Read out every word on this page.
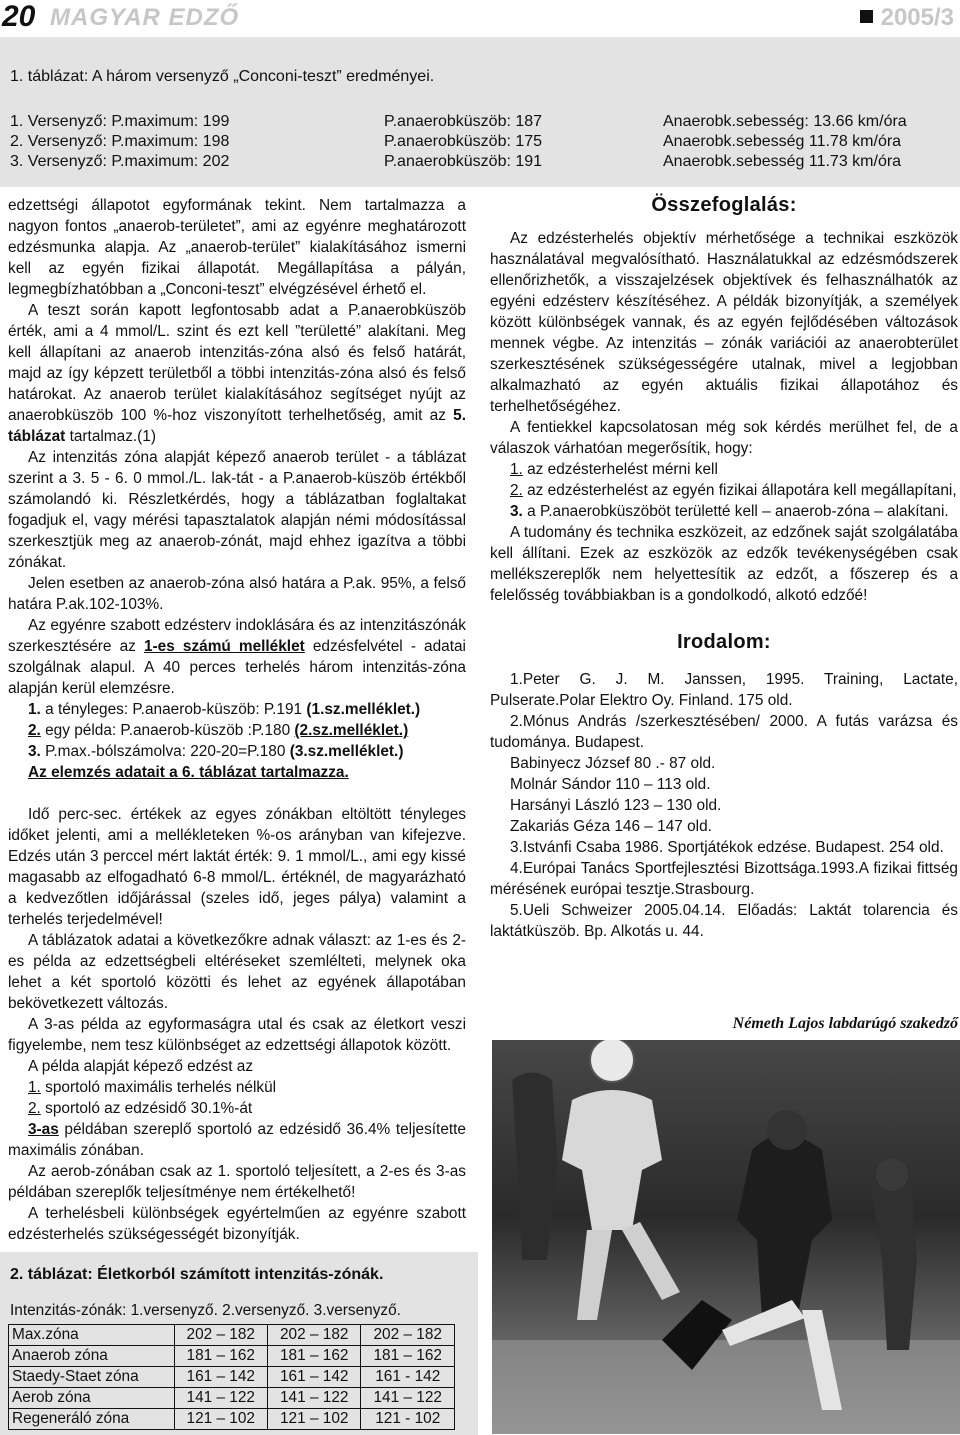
20 MAGYAR EDZŐ	2005/3
1. táblázat: A három versenyző „Conconi-teszt” eredményei.
1. Versenyző: P.maximum: 199	P.anaerobküszöb: 187	Anaerobk.sebesség: 13.66 km/óra
2. Versenyző: P.maximum: 198	P.anaerobküszöb: 175	Anaerobk.sebesség 11.78 km/óra
3. Versenyző: P.maximum: 202	P.anaerobküszöb: 191	Anaerobk.sebesség 11.73 km/óra

edzettségi állapotot egyformának tekint. Nem tartalmazza a nagyon fontos „anaerob-területet”, ami az egyénre meghatározott edzésmunka alapja. Az „anaerob-terület” kialakításához ismerni kell az egyén fizikai állapotát. Megállapítása a pályán, legmegbízhatóbban a „Conconi-teszt” elvégzésével érhető el.

A teszt során kapott legfontosabb adat a P.anaerobküszöb érték, ami a 4 mmol/L. szint és ezt kell ”területté” alakítani. Meg kell állapítani az anaerob intenzitás-zóna alsó és felső határát, majd az így képzett területből a többi intenzitás-zóna alsó és felső határokat. Az anaerob terület kialakításához segítséget nyújt az anaerobküszöb 100 %-hoz viszonyított terhelhetőség, amit az 5. táblázat tartalmaz.(1)

Az intenzitás zóna alapját képező anaerob terület - a táblázat szerint a 3. 5 - 6. 0 mmol./L. lak-tát - a P.anaerob-küszöb értékből számolandó ki. Részletkérdés, hogy a táblázatban foglaltakat fogadjuk el, vagy mérési tapasztalatok alapján némi módosítással szerkesztjük meg az anaerob-zónát, majd ehhez igazítva a többi zónákat.

Jelen esetben az anaerob-zóna alsó határa a P.ak. 95%, a felső határa P.ak.102-103%.

Az egyénre szabott edzésterv indoklására és az intenzitászónák szerkesztésére az 1-es számú melléklet edzésfelvétel - adatai szolgálnak alapul. A 40 perces terhelés három intenzitás-zóna alapján kerül elemzésre.

1. a tényleges: P.anaerob-küszöb: P.191 (1.sz.melléklet.)

2. egy példa: P.anaerob-küszöb :P.180 (2.sz.melléklet.)

3. P.max.-bólszámolva: 220-20=P.180 (3.sz.melléklet.)

Az elemzés adatait a 6. táblázat tartalmazza.

Idő perc-sec. értékek az egyes zónákban eltöltött tényleges időket jelenti, ami a mellékleteken %-os arányban van kifejezve. Edzés után 3 perccel mért laktát érték: 9. 1 mmol/L., ami egy kissé magasabb az elfogadható 6-8 mmol/L. értéknél, de magyarázható a kedvezőtlen időjárással (szeles idő, jeges pálya) valamint a terhelés terjedelmével!

A táblázatok adatai a következőkre adnak választ: az 1-es és 2-es példa az edzettségbeli eltéréseket szemlélteti, melynek oka lehet a két sportoló közötti és lehet az egyének állapotában bekövetkezett változás.

A 3-as példa az egyformaságra utal és csak az életkort veszi figyelembe, nem tesz különbséget az edzettségi állapotok között.

A példa alapját képező edzést az

1. sportoló maximális terhelés nélkül

2. sportoló az edzésidő 30.1%-át

3-as példában szereplő sportoló az edzésidő 36.4% teljesítette maximális zónában.

Az aerob-zónában csak az 1. sportoló teljesített, a 2-es és 3-as példában szereplők teljesítménye nem értékelhető!

A terhelésbeli különbségek egyértelműen az egyénre szabott edzésterhelés szükségességét bizonyítják.

Összefoglalás:

Az edzésterhelés objektív mérhetősége a technikai eszközök használatával megvalósítható. Használatukkal az edzésmódszerek ellenőrizhetők, a visszajelzések objektívek és felhasználhatók az egyéni edzésterv készítéséhez. A példák bizonyítják, a személyek között különbségek vannak, és az egyén fejlődésében változások mennek végbe. Az intenzitás – zónák variációi az anaerobterület szerkesztésének szükségességére utalnak, mivel a legjobban alkalmazható az egyén aktuális fizikai állapotához és terhelhetőségéhez.

A fentiekkel kapcsolatosan még sok kérdés merülhet fel, de a válaszok várhatóan megerősítik, hogy:

1. az edzésterhelést mérni kell

2. az edzésterhelést az egyén fizikai állapotára kell megállapítani,

3. a P.anaerobküszöböt területté kell – anaerob-zóna – alakítani.

A tudomány és technika eszközeit, az edzőnek saját szolgálatába kell állítani. Ezek az eszközök az edzők tevékenységében csak mellékszereplők nem helyettesítik az edzőt, a főszerep és a felelősség továbbiakban is a gondolkodó, alkotó edzőé!

Irodalom:

1.Peter G. J. M. Janssen, 1995. Training, Lactate, Pulserate.Polar Elektro Oy. Finland. 175 old.

2.Mónus András /szerkesztésében/ 2000. A futás varázsa és tudománya. Budapest.

Babinyecz József 80 .- 87 old.

Molnár Sándor 110 – 113 old.

Harsányi László 123 – 130 old.

Zakariás Géza 146 – 147 old.

3.Istvánfi Csaba 1986. Sportjátékok edzése. Budapest. 254 old.

4.Európai Tanács Sportfejlesztési Bizottsága.1993.A fizikai fittség mérésének európai tesztje.Strasbourg.

5.Ueli Schweizer 2005.04.14. Előadás: Laktát tolarencia és laktátküszöb. Bp. Alkotás u. 44.

Németh Lajos labdarúgó szakedző
2. táblázat: Életkorból számított intenzitás-zónák.
Intenzitás-zónák: 1.versenyző. 2.versenyző. 3.versenyző.
Max.zóna	202 – 182	202 – 182	202 – 182
Anaerob zóna	181 – 162	181 – 162	181 – 162
Staedy-Staet zóna	161 – 142	161 – 142	161 - 142
Aerob zóna	141 – 122	141 – 122	141 – 122
Regeneráló zóna	121 – 102	121 – 102	121 - 102
